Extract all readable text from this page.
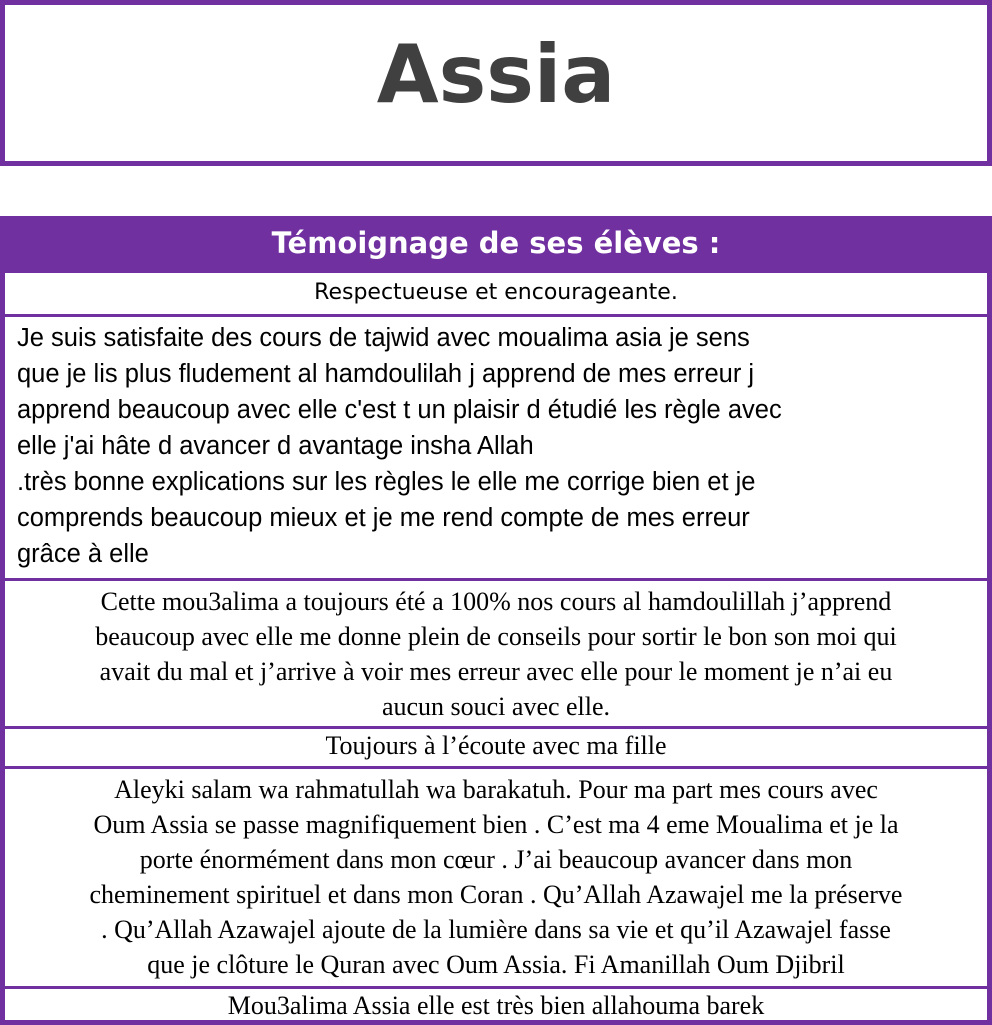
Assia
Témoignage de ses élèves :
Respectueuse et encourageante.
Je suis satisfaite des cours de tajwid avec moualima asia je sens
que je lis plus fludement al hamdoulilah j apprend de mes erreur j
apprend beaucoup avec elle c'est t un plaisir d étudié les règle avec
elle j'ai hâte d avancer d avantage insha Allah
.très bonne explications sur les règles le elle me corrige bien et je
comprends beaucoup mieux et je me rend compte de mes erreur
grâce à elle
Cette mou3alima a toujours été a 100% nos cours al hamdoulillah j’apprend
beaucoup avec elle me donne plein de conseils pour sortir le bon son moi qui
avait du mal et j’arrive à voir mes erreur avec elle pour le moment je n’ai eu
aucun souci avec elle.
Toujours à l’écoute avec ma fille
Aleyki salam wa rahmatullah wa barakatuh. Pour ma part mes cours avec
Oum Assia se passe magnifiquement bien . C’est ma 4 eme Moualima et je la
porte énormément dans mon cœur . J’ai beaucoup avancer dans mon
cheminement spirituel et dans mon Coran . Qu’Allah Azawajel me la préserve
. Qu’Allah Azawajel ajoute de la lumière dans sa vie et qu’il Azawajel fasse
que je clôture le Quran avec Oum Assia. Fi Amanillah Oum Djibril
Mou3alima Assia elle est très bien allahouma barek
